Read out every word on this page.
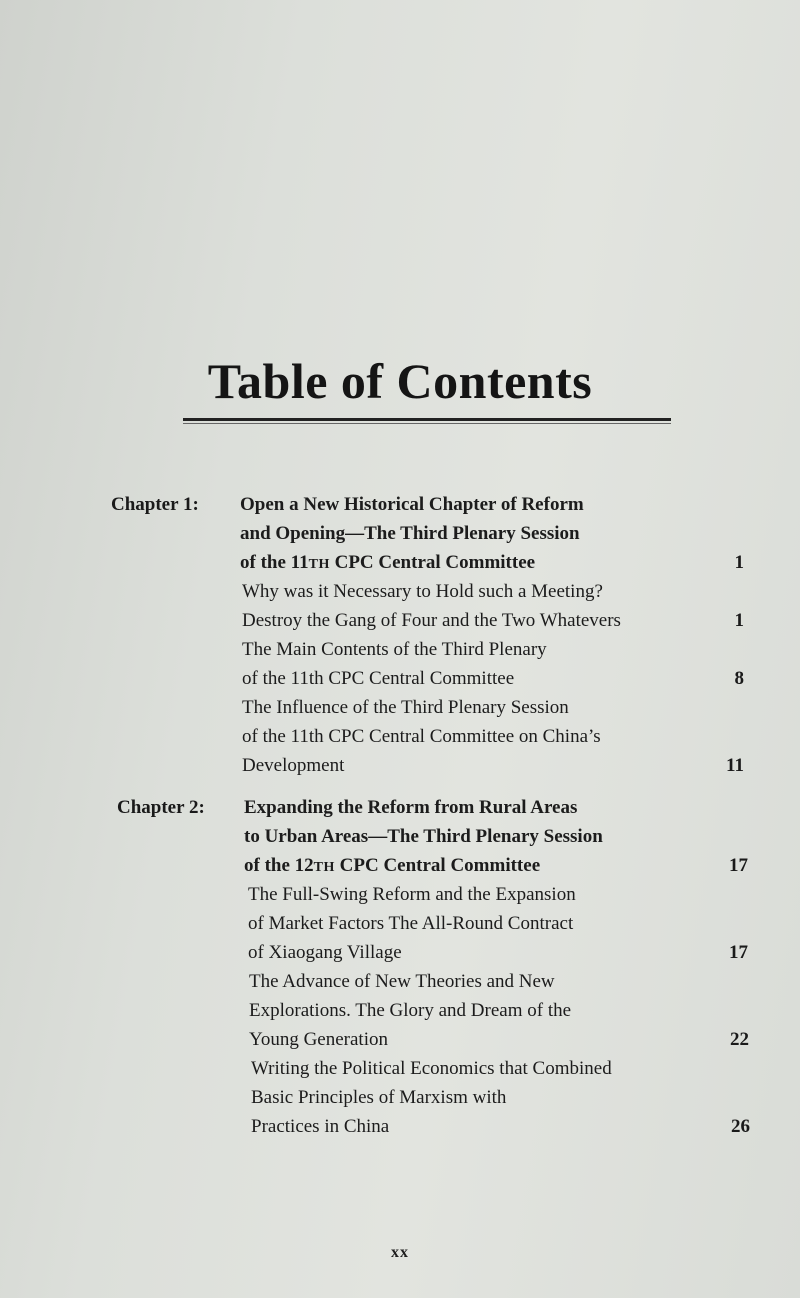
Table of Contents
Chapter 1: Open a New Historical Chapter of Reform
and Opening—The Third Plenary Session
of the 11TH CPC Central Committee	1
Why was it Necessary to Hold such a Meeting?
Destroy the Gang of Four and the Two Whatevers	1
The Main Contents of the Third Plenary
of the 11th CPC Central Committee	8
The Influence of the Third Plenary Session
of the 11th CPC Central Committee on China’s
Development	11
Chapter 2: Expanding the Reform from Rural Areas
to Urban Areas—The Third Plenary Session
of the 12TH CPC Central Committee	17
The Full-Swing Reform and the Expansion
of Market Factors The All-Round Contract
of Xiaogang Village	17
The Advance of New Theories and New
Explorations. The Glory and Dream of the
Young Generation	22
Writing the Political Economics that Combined
Basic Principles of Marxism with
Practices in China	26
xx
